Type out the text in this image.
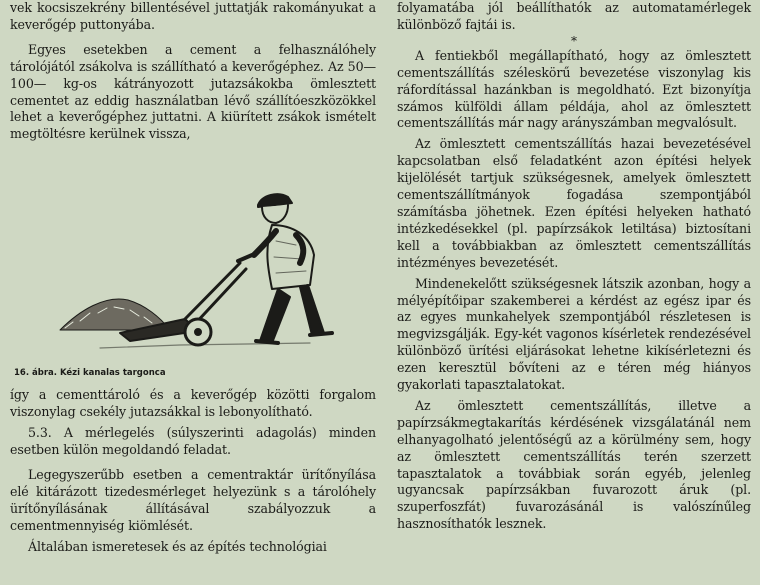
vek kocsiszekrény billentésével juttatják rakományukat a keverőgép puttonyába.

Egyes esetekben a cement a felhasználóhely tárolójától zsákolva is szállítható a keverőgéphez. Az 50—100— kg-os kátrányozott jutazsákokba ömlesztett cementet az eddig használatban lévő szállítóeszközökkel lehet a keverőgéphez juttatni. A kiürített zsákok ismételt megtöltésre kerülnek vissza,

16. ábra. Kézi kanalas targonca

így a cementtároló és a keverőgép közötti forgalom viszonylag csekély jutazsákkal is lebonyolítható.

5.3. A mérlegelés (súlyszerinti adagolás) minden esetben külön megoldandó feladat.

Legegyszerűbb esetben a cementraktár ürítőnyílása elé kitárázott tizedesmérleget helyezünk s a tárolóhely ürítőnyílásának állításával szabályozzuk a cementmennyiség kiömlését.

Általában ismeretesek és az építés technológiai

folyamatába jól beállíthatók az automatamérlegek különböző fajtái is.

*

A fentiekből megállapítható, hogy az ömlesztett cementszállítás széleskörű bevezetése viszonylag kis ráfordítással hazánkban is megoldható. Ezt bizonyítja számos külföldi állam példája, ahol az ömlesztett cementszállítás már nagy arányszámban megvalósult.

Az ömlesztett cementszállítás hazai bevezetésével kapcsolatban első feladatként azon építési helyek kijelölését tartjuk szükségesnek, amelyek ömlesztett cementszállítmányok fogadása szempontjából számításba jöhetnek. Ezen építési helyeken hatható intézkedésekkel (pl. papírzsákok letiltása) biztosítani kell a továbbiakban az ömlesztett cementszállítás intézményes bevezetését.

Mindenekelőtt szükségesnek látszik azonban, hogy a mélyépítőipar szakemberei a kérdést az egész ipar és az egyes munkahelyek szempontjából részletesen is megvizsgálják. Egy-két vagonos kísérletek rendezésével különböző ürítési eljárásokat lehetne kikísérletezni és ezen keresztül bővíteni az e téren még hiányos gyakorlati tapasztalatokat.

Az ömlesztett cementszállítás, illetve a papírzsákmegtakarítás kérdésének vizsgálatánál nem elhanyagolható jelentőségű az a körülmény sem, hogy az ömlesztett cementszállítás terén szerzett tapasztalatok a továbbiak során egyéb, jelenleg ugyancsak papírzsákban fuvarozott áruk (pl. szuperfoszfát) fuvarozásánál is valószínűleg hasznosíthatók lesznek.
